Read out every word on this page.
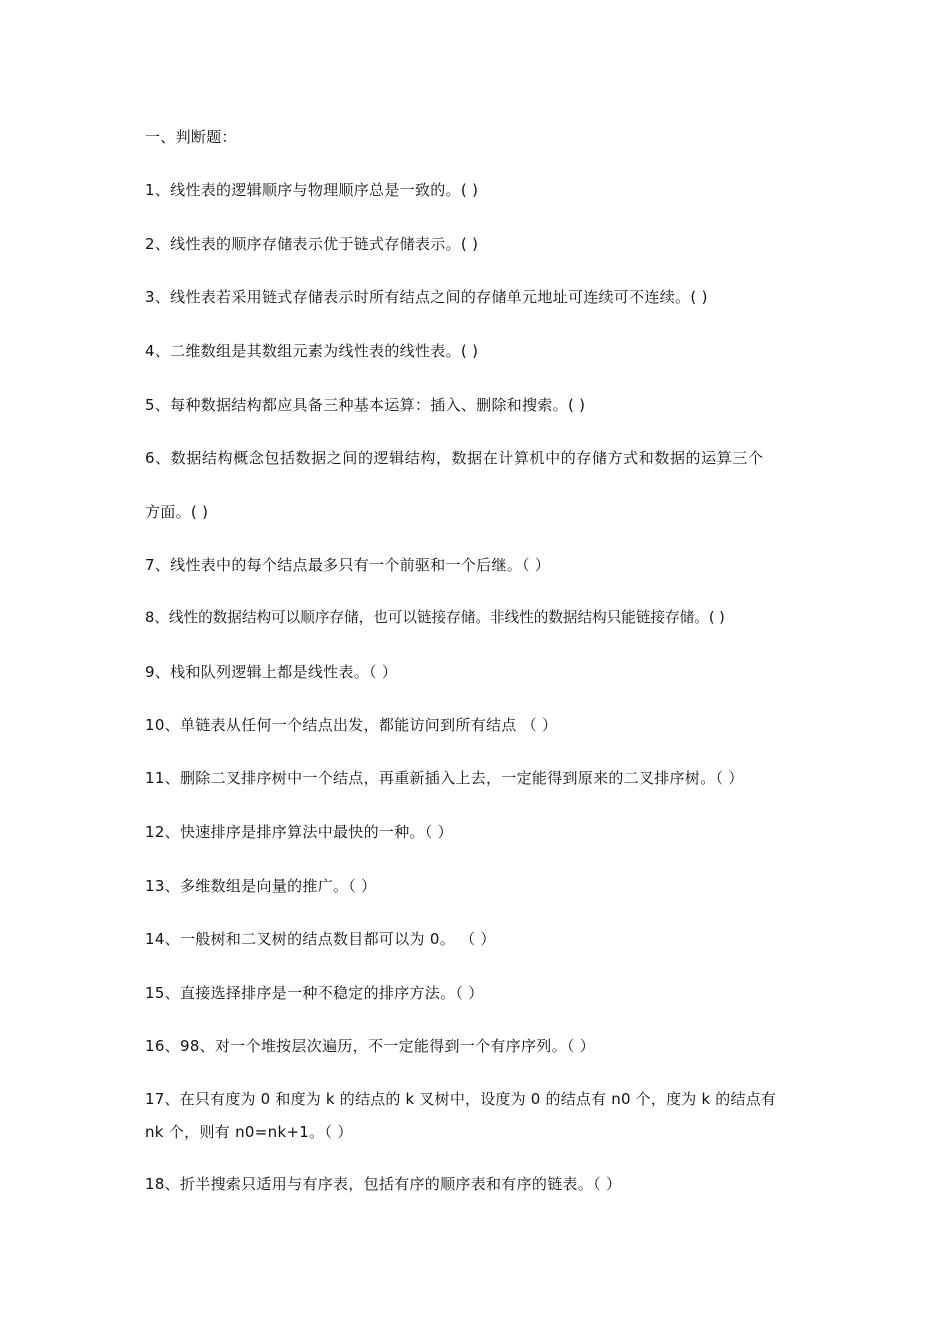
一、判断题：
1、线性表的逻辑顺序与物理顺序总是一致的。( )
2、线性表的顺序存储表示优于链式存储表示。( )
3、线性表若采用链式存储表示时所有结点之间的存储单元地址可连续可不连续。( )
4、二维数组是其数组元素为线性表的线性表。( )
5、每种数据结构都应具备三种基本运算：插入、删除和搜索。( )
6、数据结构概念包括数据之间的逻辑结构，数据在计算机中的存储方式和数据的运算三个
方面。( )
7、线性表中的每个结点最多只有一个前驱和一个后继。（ ）
8、线性的数据结构可以顺序存储，也可以链接存储。非线性的数据结构只能链接存储。( )
9、栈和队列逻辑上都是线性表。（ ）
10、单链表从任何一个结点出发，都能访问到所有结点 （ ）
11、删除二叉排序树中一个结点，再重新插入上去，一定能得到原来的二叉排序树。（ ）
12、快速排序是排序算法中最快的一种。（ ）
13、多维数组是向量的推广。（ ）
14、一般树和二叉树的结点数目都可以为 0。 （ ）
15、直接选择排序是一种不稳定的排序方法。（ ）
16、98、对一个堆按层次遍历，不一定能得到一个有序序列。（ ）
17、在只有度为 0 和度为 k 的结点的 k 叉树中，设度为 0 的结点有 n0 个，度为 k 的结点有
nk 个，则有 n0=nk+1。（ ）
18、折半搜索只适用与有序表，包括有序的顺序表和有序的链表。（ ）
